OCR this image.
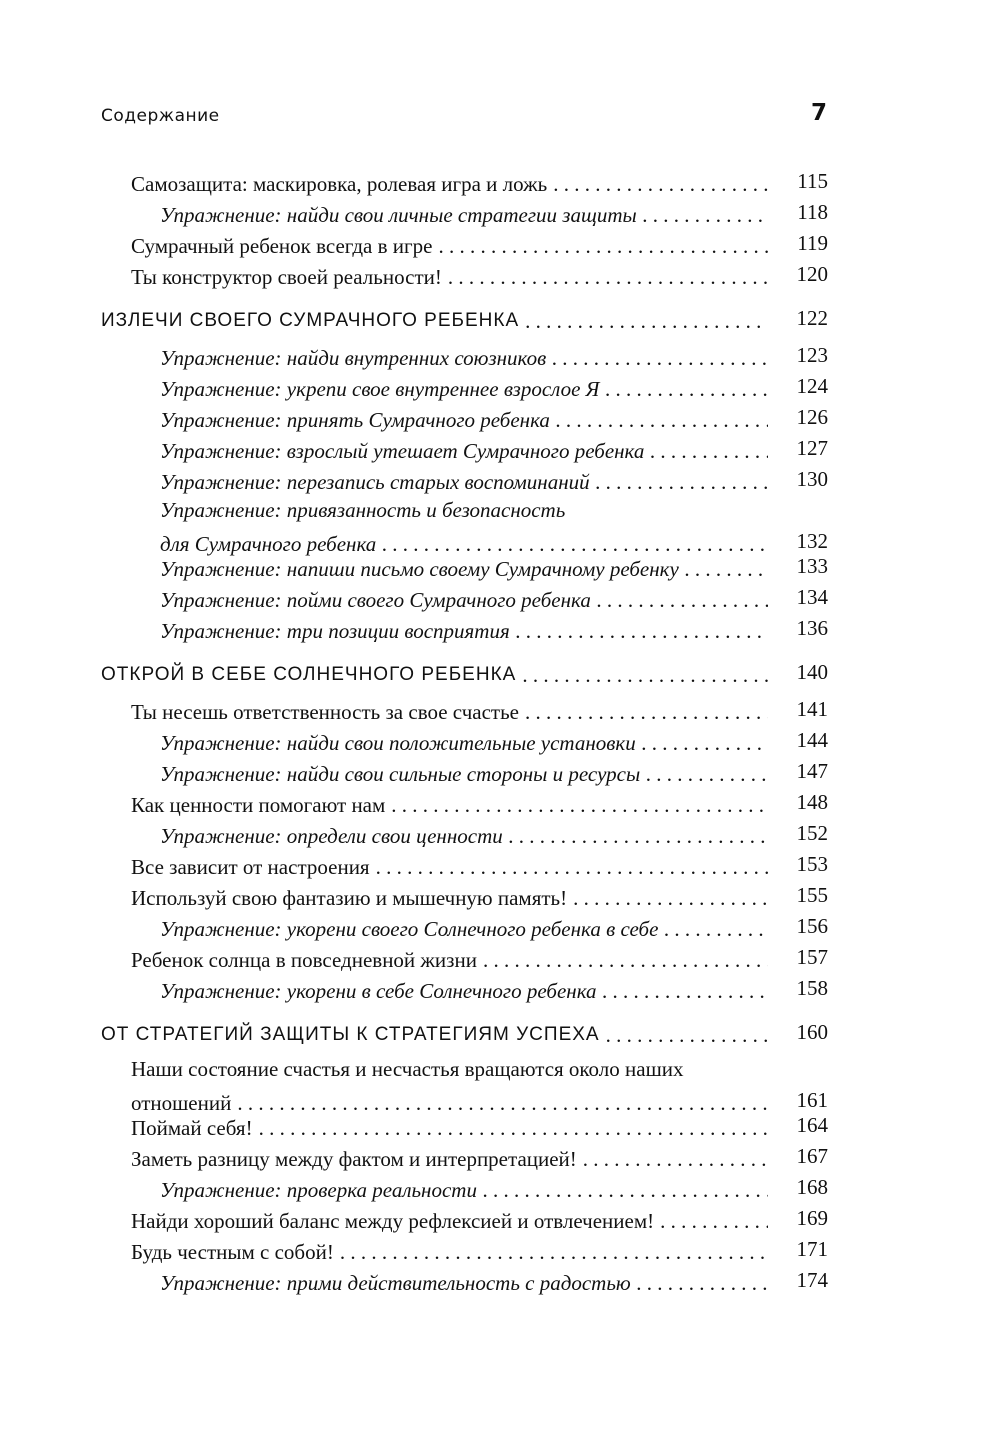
Содержание	7
Самозащита: маскировка, ролевая игра и ложь . . .	115
Упражнение: найди свои личные стратегии защиты . . .	118
Сумрачный ребенок всегда в игре . . .	119
Ты конструктор своей реальности! . . .	120
ИЗЛЕЧИ СВОЕГО СУМРАЧНОГО РЕБЕНКА . . .	122
Упражнение: найди внутренних союзников . . .	123
Упражнение: укрепи свое внутреннее взрослое Я . . .	124
Упражнение: принять Сумрачного ребенка . . .	126
Упражнение: взрослый утешает Сумрачного ребенка . . .	127
Упражнение: перезапись старых воспоминаний . . .	130
Упражнение: привязанность и безопасность
для Сумрачного ребенка . . .	132
Упражнение: напиши письмо своему Сумрачному ребенку . . .	133
Упражнение: пойми своего Сумрачного ребенка . . .	134
Упражнение: три позиции восприятия . . .	136
ОТКРОЙ В СЕБЕ СОЛНЕЧНОГО РЕБЕНКА . . .	140
Ты несешь ответственность за свое счастье . . .	141
Упражнение: найди свои положительные установки . . .	144
Упражнение: найди свои сильные стороны и ресурсы . . .	147
Как ценности помогают нам . . .	148
Упражнение: определи свои ценности . . .	152
Все зависит от настроения . . .	153
Используй свою фантазию и мышечную память! . . .	155
Упражнение: укорени своего Солнечного ребенка в себе . . .	156
Ребенок солнца в повседневной жизни . . .	157
Упражнение: укорени в себе Солнечного ребенка . . .	158
ОТ СТРАТЕГИЙ ЗАЩИТЫ К СТРАТЕГИЯМ УСПЕХА . . .	160
Наши состояние счастья и несчастья вращаются около наших
отношений . . .	161
Поймай себя! . . .	164
Заметь разницу между фактом и интерпретацией! . . .	167
Упражнение: проверка реальности . . .	168
Найди хороший баланс между рефлексией и отвлечением! . . .	169
Будь честным с собой! . . .	171
Упражнение: прими действительность с радостью . . .	174
